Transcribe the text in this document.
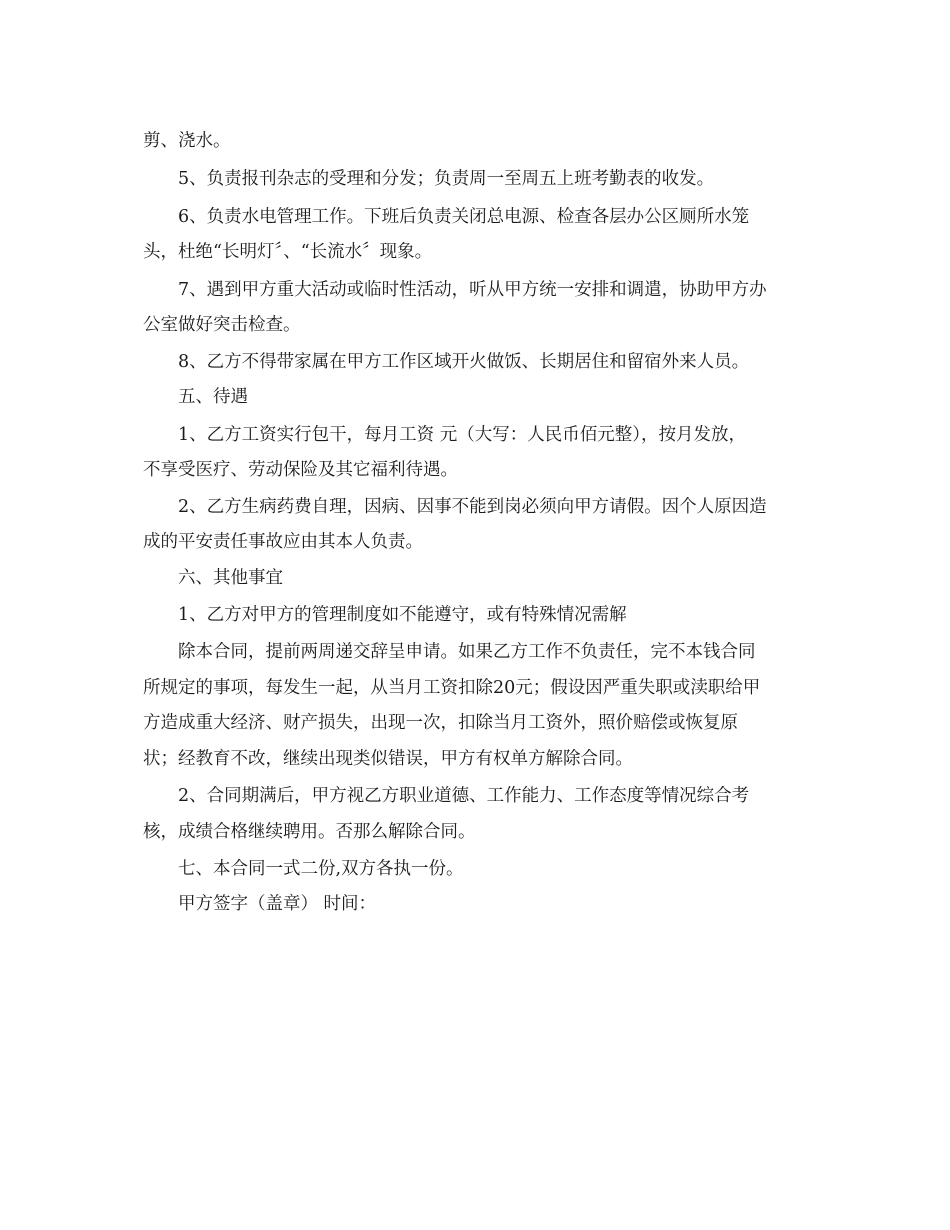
剪、浇水。

5、负责报刊杂志的受理和分发；负责周一至周五上班考勤表的收发。

6、负责水电管理工作。下班后负责关闭总电源、检查各层办公区厕所水笼

头，杜绝“长明灯〞、“长流水〞现象。

7、遇到甲方重大活动或临时性活动，听从甲方统一安排和调遣，协助甲方办

公室做好突击检查。

8、乙方不得带家属在甲方工作区域开火做饭、长期居住和留宿外来人员。

五、待遇

1、乙方工资实行包干，每月工资 元（大写：人民币佰元整），按月发放，

不享受医疗、劳动保险及其它福利待遇。

2、乙方生病药费自理，因病、因事不能到岗必须向甲方请假。因个人原因造

成的平安责任事故应由其本人负责。

六、其他事宜

1、乙方对甲方的管理制度如不能遵守，或有特殊情况需解

除本合同，提前两周递交辞呈申请。如果乙方工作不负责任，完不本钱合同

所规定的事项，每发生一起，从当月工资扣除20元；假设因严重失职或渎职给甲

方造成重大经济、财产损失，出现一次，扣除当月工资外，照价赔偿或恢复原

状；经教育不改，继续出现类似错误，甲方有权单方解除合同。

2、合同期满后，甲方视乙方职业道德、工作能力、工作态度等情况综合考

核，成绩合格继续聘用。否那么解除合同。

七、本合同一式二份,双方各执一份。

甲方签字（盖章） 时间：
